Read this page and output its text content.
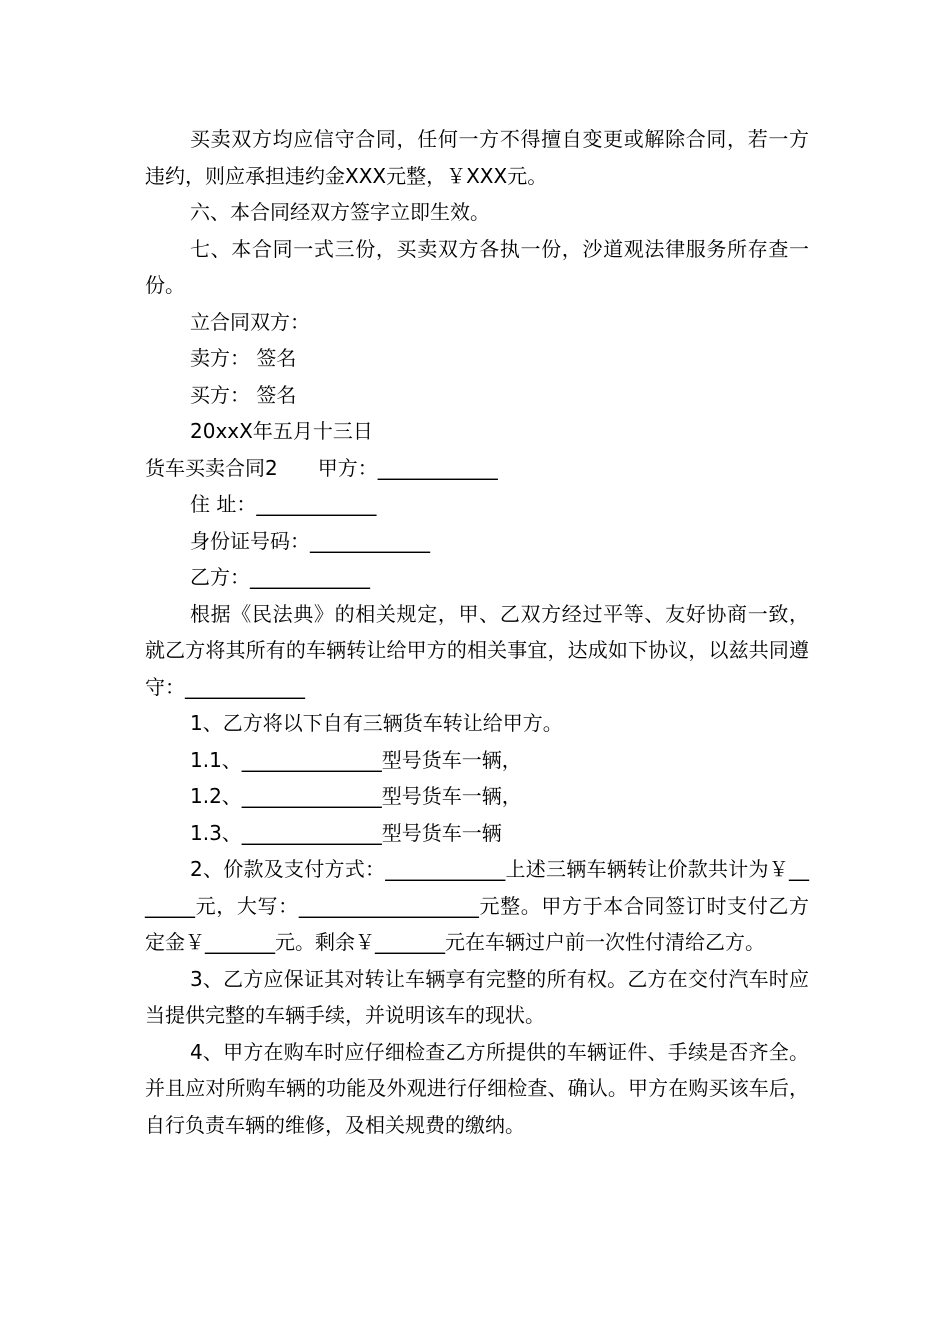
买卖双方均应信守合同，任何一方不得擅自变更或解除合同，若一方违约，则应承担违约金XXX元整，￥XXX元。

六、本合同经双方签字立即生效。

七、本合同一式三份，买卖双方各执一份，沙道观法律服务所存查一份。

立合同双方：

卖方： 签名

买方： 签名

20xxX年五月十三日

货车买卖合同2　　甲方：____________

住 址：____________

身份证号码：____________

乙方：____________

根据《民法典》的相关规定，甲、乙双方经过平等、友好协商一致，就乙方将其所有的车辆转让给甲方的相关事宜，达成如下协议，以兹共同遵守：____________

1、乙方将以下自有三辆货车转让给甲方。

1.1、______________型号货车一辆，

1.2、______________型号货车一辆，

1.3、______________型号货车一辆

2、价款及支付方式：____________上述三辆车辆转让价款共计为￥_______元，大写：__________________元整。甲方于本合同签订时支付乙方定金￥_______元。剩余￥_______元在车辆过户前一次性付清给乙方。

3、乙方应保证其对转让车辆享有完整的所有权。乙方在交付汽车时应当提供完整的车辆手续，并说明该车的现状。

4、甲方在购车时应仔细检查乙方所提供的车辆证件、手续是否齐全。并且应对所购车辆的功能及外观进行仔细检查、确认。甲方在购买该车后，自行负责车辆的维修，及相关规费的缴纳。
